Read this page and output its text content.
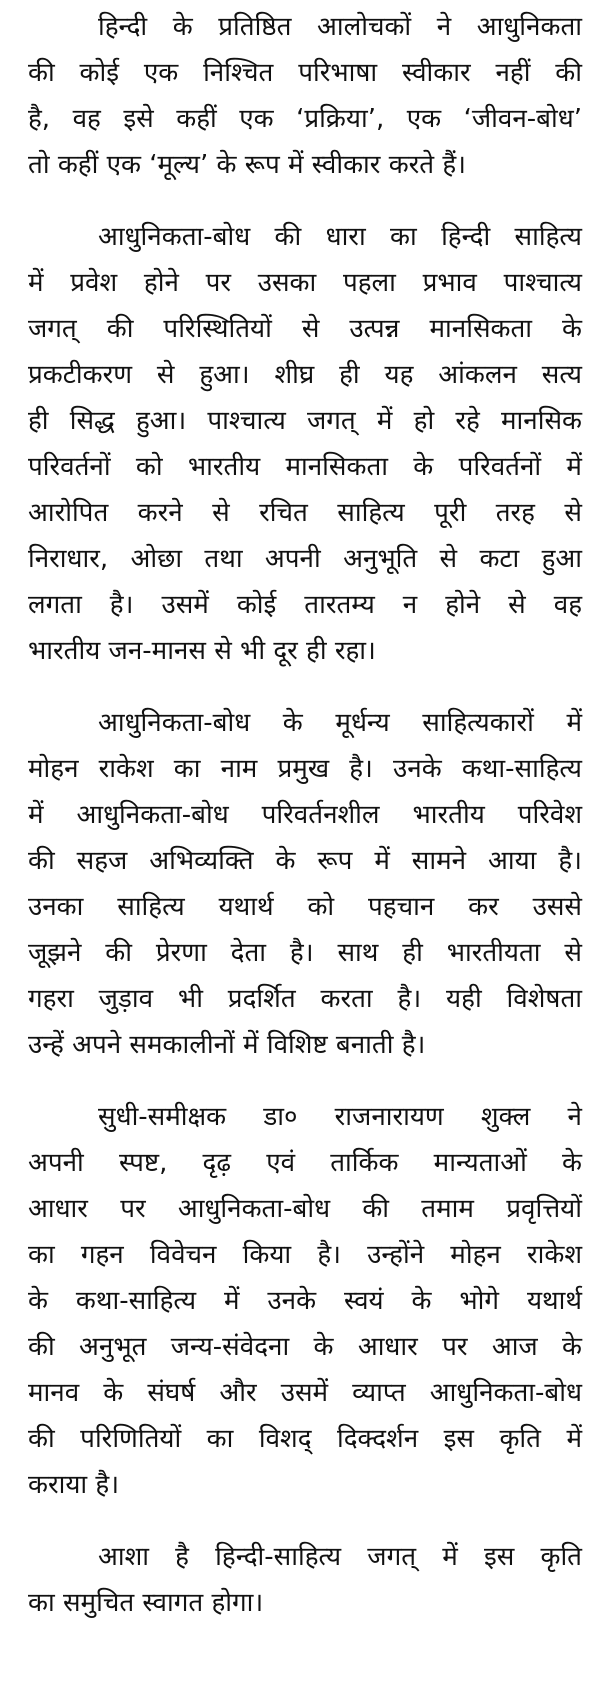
हिन्दी के प्रतिष्ठित आलोचकों ने आधुनिकता
की कोई एक निश्चित परिभाषा स्वीकार नहीं की
है, वह इसे कहीं एक ‘प्रक्रिया’, एक ‘जीवन-बोध’
तो कहीं एक ‘मूल्य’ के रूप में स्वीकार करते हैं।
आधुनिकता-बोध की धारा का हिन्दी साहित्य
में प्रवेश होने पर उसका पहला प्रभाव पाश्चात्य
जगत् की परिस्थितियों से उत्पन्न मानसिकता के
प्रकटीकरण से हुआ। शीघ्र ही यह आंकलन सत्य
ही सिद्ध हुआ। पाश्चात्य जगत् में हो रहे मानसिक
परिवर्तनों को भारतीय मानसिकता के परिवर्तनों में
आरोपित करने से रचित साहित्य पूरी तरह से
निराधार, ओछा तथा अपनी अनुभूति से कटा हुआ
लगता है। उसमें कोई तारतम्य न होने से वह
भारतीय जन-मानस से भी दूर ही रहा।
आधुनिकता-बोध के मूर्धन्य साहित्यकारों में
मोहन राकेश का नाम प्रमुख है। उनके कथा-साहित्य
में आधुनिकता-बोध परिवर्तनशील भारतीय परिवेश
की सहज अभिव्यक्ति के रूप में सामने आया है।
उनका साहित्य यथार्थ को पहचान कर उससे
जूझने की प्रेरणा देता है। साथ ही भारतीयता से
गहरा जुड़ाव भी प्रदर्शित करता है। यही विशेषता
उन्हें अपने समकालीनों में विशिष्ट बनाती है।
सुधी-समीक्षक डा० राजनारायण शुक्ल ने
अपनी स्पष्ट, दृढ़ एवं तार्किक मान्यताओं के
आधार पर आधुनिकता-बोध की तमाम प्रवृत्तियों
का गहन विवेचन किया है। उन्होंने मोहन राकेश
के कथा-साहित्य में उनके स्वयं के भोगे यथार्थ
की अनुभूत जन्य-संवेदना के आधार पर आज के
मानव के संघर्ष और उसमें व्याप्त आधुनिकता-बोध
की परिणितियों का विशद् दिक्दर्शन इस कृति में
कराया है।
आशा है हिन्दी-साहित्य जगत् में इस कृति
का समुचित स्वागत होगा।
